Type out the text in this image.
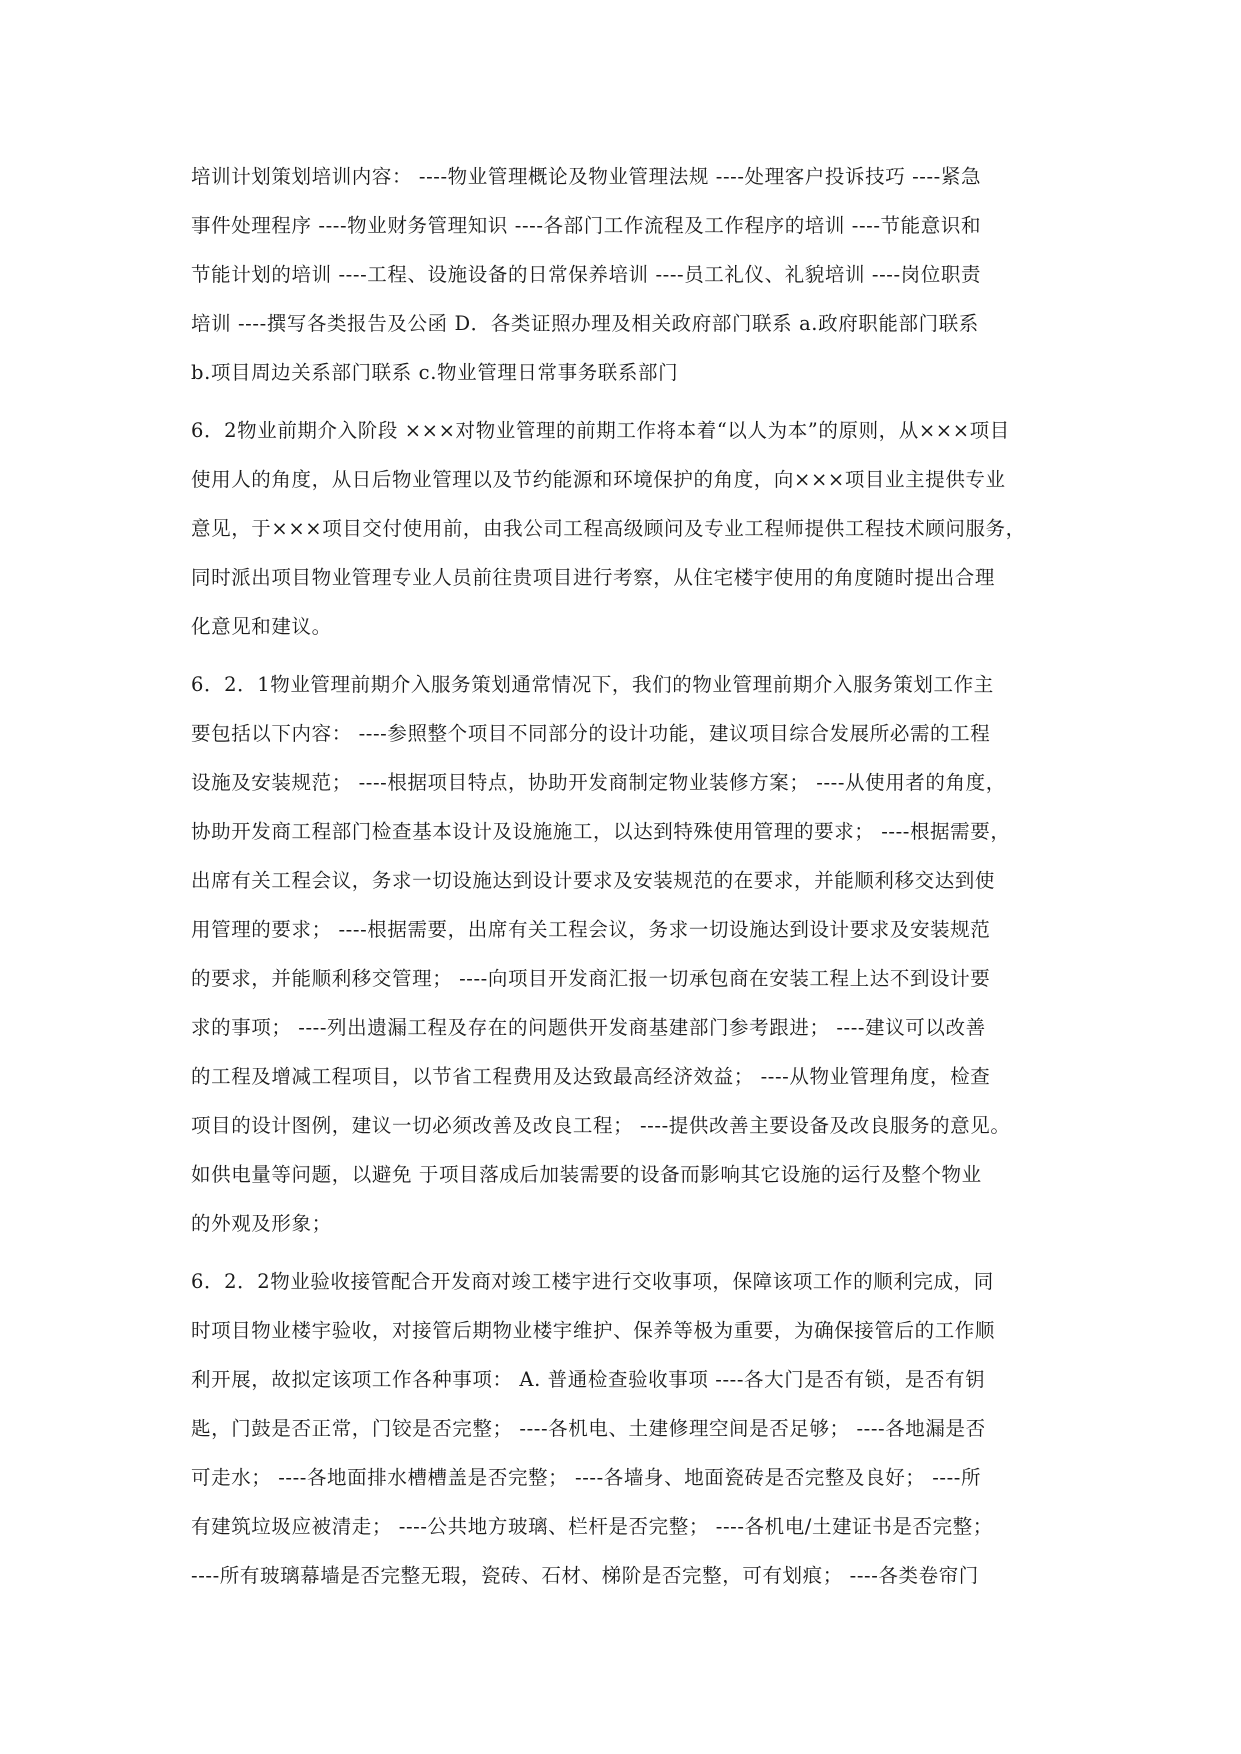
培训计划策划培训内容： ----物业管理概论及物业管理法规 ----处理客户投诉技巧 ----紧急
事件处理程序 ----物业财务管理知识 ----各部门工作流程及工作程序的培训 ----节能意识和
节能计划的培训 ----工程、设施设备的日常保养培训 ----员工礼仪、礼貌培训 ----岗位职责
培训 ----撰写各类报告及公函 D．各类证照办理及相关政府部门联系 a.政府职能部门联系
b.项目周边关系部门联系 c.物业管理日常事务联系部门
6．2物业前期介入阶段 ×××对物业管理的前期工作将本着“以人为本”的原则，从×××项目
使用人的角度，从日后物业管理以及节约能源和环境保护的角度，向×××项目业主提供专业
意见，于×××项目交付使用前，由我公司工程高级顾问及专业工程师提供工程技术顾问服务，
同时派出项目物业管理专业人员前往贵项目进行考察，从住宅楼宇使用的角度随时提出合理
化意见和建议。
6．2．1物业管理前期介入服务策划通常情况下，我们的物业管理前期介入服务策划工作主
要包括以下内容： ----参照整个项目不同部分的设计功能，建议项目综合发展所必需的工程
设施及安装规范； ----根据项目特点，协助开发商制定物业装修方案； ----从使用者的角度，
协助开发商工程部门检查基本设计及设施施工，以达到特殊使用管理的要求； ----根据需要，
出席有关工程会议，务求一切设施达到设计要求及安装规范的在要求，并能顺利移交达到使
用管理的要求； ----根据需要，出席有关工程会议，务求一切设施达到设计要求及安装规范
的要求，并能顺利移交管理； ----向项目开发商汇报一切承包商在安装工程上达不到设计要
求的事项； ----列出遗漏工程及存在的问题供开发商基建部门参考跟进； ----建议可以改善
的工程及增减工程项目，以节省工程费用及达致最高经济效益； ----从物业管理角度，检查
项目的设计图例，建议一切必须改善及改良工程； ----提供改善主要设备及改良服务的意见。
如供电量等问题，以避免 于项目落成后加装需要的设备而影响其它设施的运行及整个物业
的外观及形象；
6．2．2物业验收接管配合开发商对竣工楼宇进行交收事项，保障该项工作的顺利完成，同
时项目物业楼宇验收，对接管后期物业楼宇维护、保养等极为重要，为确保接管后的工作顺
利开展，故拟定该项工作各种事项： A. 普通检查验收事项 ----各大门是否有锁，是否有钥
匙，门鼓是否正常，门铰是否完整； ----各机电、土建修理空间是否足够； ----各地漏是否
可走水； ----各地面排水槽槽盖是否完整； ----各墙身、地面瓷砖是否完整及良好； ----所
有建筑垃圾应被清走； ----公共地方玻璃、栏杆是否完整； ----各机电/土建证书是否完整；
----所有玻璃幕墙是否完整无瑕，瓷砖、石材、梯阶是否完整，可有划痕； ----各类卷帘门
